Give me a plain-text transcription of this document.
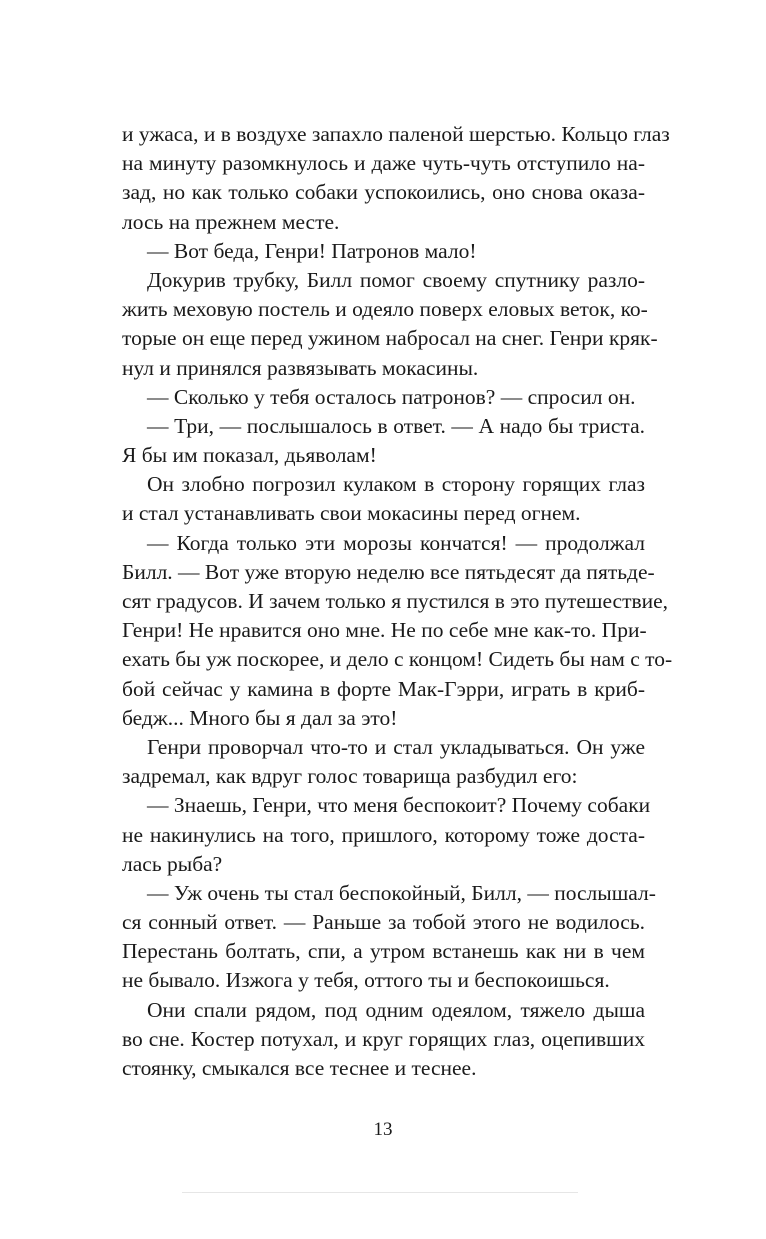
и ужаса, и в воздухе запахло паленой шерстью. Кольцо глаз
на минуту разомкнулось и даже чуть-чуть отступило на-
зад, но как только собаки успокоились, оно снова оказа-
лось на прежнем месте.
— Вот беда, Генри! Патронов мало!
Докурив трубку, Билл помог своему спутнику разло-
жить меховую постель и одеяло поверх еловых веток, ко-
торые он еще перед ужином набросал на снег. Генри кряк-
нул и принялся развязывать мокасины.
— Сколько у тебя осталось патронов? — спросил он.
— Три, — послышалось в ответ. — А надо бы триста.
Я бы им показал, дьяволам!
Он злобно погрозил кулаком в сторону горящих глаз
и стал устанавливать свои мокасины перед огнем.
— Когда только эти морозы кончатся! — продолжал
Билл. — Вот уже вторую неделю все пятьдесят да пятьде-
сят градусов. И зачем только я пустился в это путешествие,
Генри! Не нравится оно мне. Не по себе мне как-то. При-
ехать бы уж поскорее, и дело с концом! Сидеть бы нам с то-
бой сейчас у камина в форте Мак-Гэрри, играть в криб-
бедж... Много бы я дал за это!
Генри проворчал что-то и стал укладываться. Он уже
задремал, как вдруг голос товарища разбудил его:
— Знаешь, Генри, что меня беспокоит? Почему собаки
не накинулись на того, пришлого, которому тоже доста-
лась рыба?
— Уж очень ты стал беспокойный, Билл, — послышал-
ся сонный ответ. — Раньше за тобой этого не водилось.
Перестань болтать, спи, а утром встанешь как ни в чем
не бывало. Изжога у тебя, оттого ты и беспокоишься.
Они спали рядом, под одним одеялом, тяжело дыша
во сне. Костер потухал, и круг горящих глаз, оцепивших
стоянку, смыкался все теснее и теснее.
13
